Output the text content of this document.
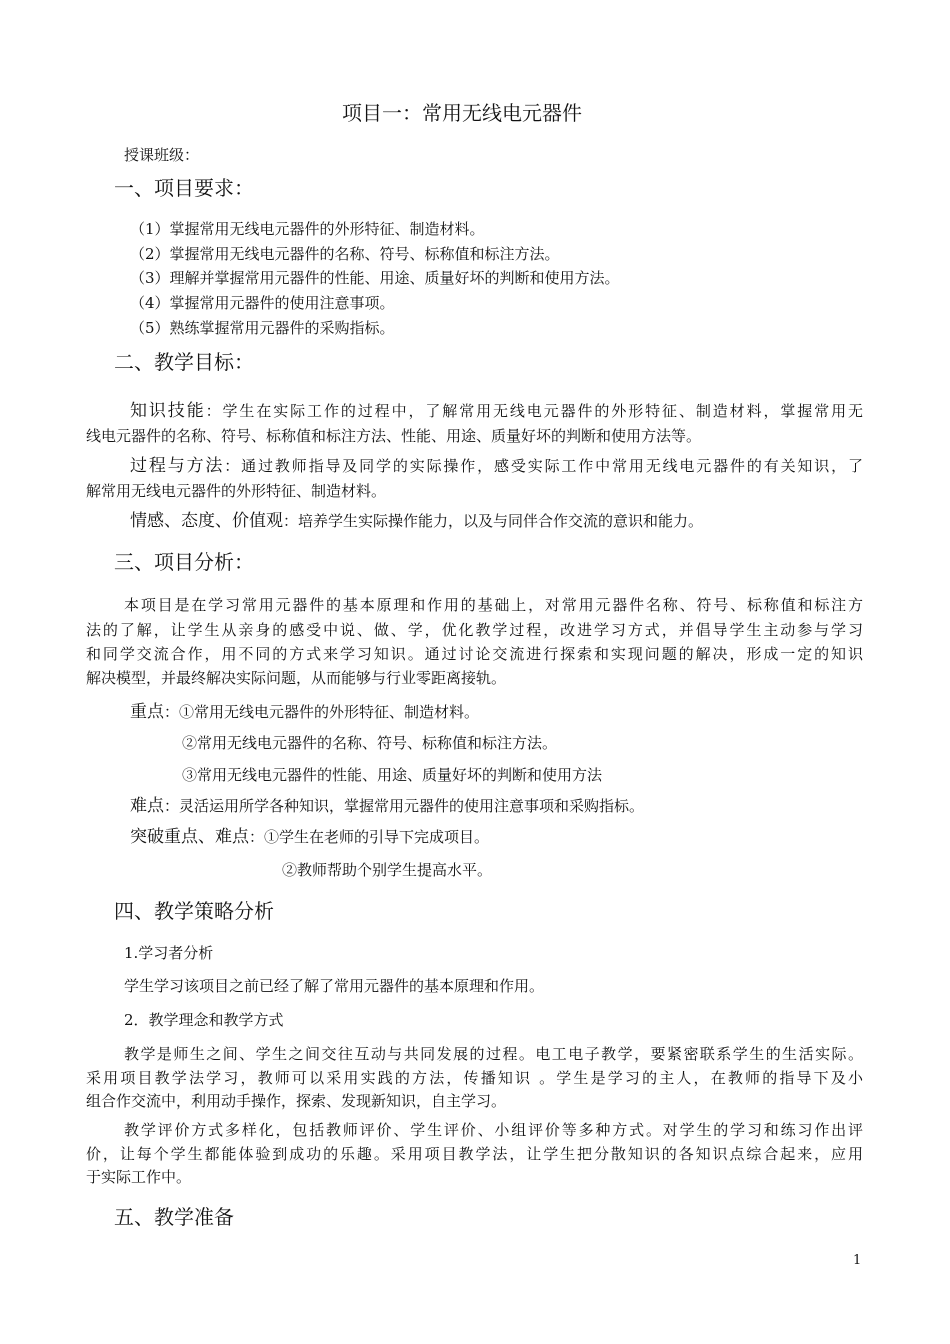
项目一：常用无线电元器件
授课班级：
一、项目要求：
（1）掌握常用无线电元器件的外形特征、制造材料。
（2）掌握常用无线电元器件的名称、符号、标称值和标注方法。
（3）理解并掌握常用元器件的性能、用途、质量好坏的判断和使用方法。
（4）掌握常用元器件的使用注意事项。
（5）熟练掌握常用元器件的采购指标。
二、教学目标：
知识技能：学生在实际工作的过程中，了解常用无线电元器件的外形特征、制造材料，掌握常用无
线电元器件的名称、符号、标称值和标注方法、性能、用途、质量好坏的判断和使用方法等。
过程与方法：通过教师指导及同学的实际操作，感受实际工作中常用无线电元器件的有关知识，了
解常用无线电元器件的外形特征、制造材料。
情感、态度、价值观：培养学生实际操作能力，以及与同伴合作交流的意识和能力。
三、项目分析：
本项目是在学习常用元器件的基本原理和作用的基础上，对常用元器件名称、符号、标称值和标注方
法的了解，让学生从亲身的感受中说、做、学，优化教学过程，改进学习方式，并倡导学生主动参与学习
和同学交流合作，用不同的方式来学习知识。通过讨论交流进行探索和实现问题的解决，形成一定的知识
解决模型，并最终解决实际问题，从而能够与行业零距离接轨。
重点：①常用无线电元器件的外形特征、制造材料。
②常用无线电元器件的名称、符号、标称值和标注方法。
③常用无线电元器件的性能、用途、质量好坏的判断和使用方法
难点：灵活运用所学各种知识，掌握常用元器件的使用注意事项和采购指标。
突破重点、难点：①学生在老师的引导下完成项目。
②教师帮助个别学生提高水平。
四、教学策略分析
1.学习者分析
学生学习该项目之前已经了解了常用元器件的基本原理和作用。
2．教学理念和教学方式
教学是师生之间、学生之间交往互动与共同发展的过程。电工电子教学，要紧密联系学生的生活实际。
采用项目教学法学习，教师可以采用实践的方法，传播知识 。学生是学习的主人，在教师的指导下及小
组合作交流中，利用动手操作，探索、发现新知识，自主学习。
教学评价方式多样化，包括教师评价、学生评价、小组评价等多种方式。对学生的学习和练习作出评
价，让每个学生都能体验到成功的乐趣。采用项目教学法，让学生把分散知识的各知识点综合起来，应用
于实际工作中。
五、教学准备
1
